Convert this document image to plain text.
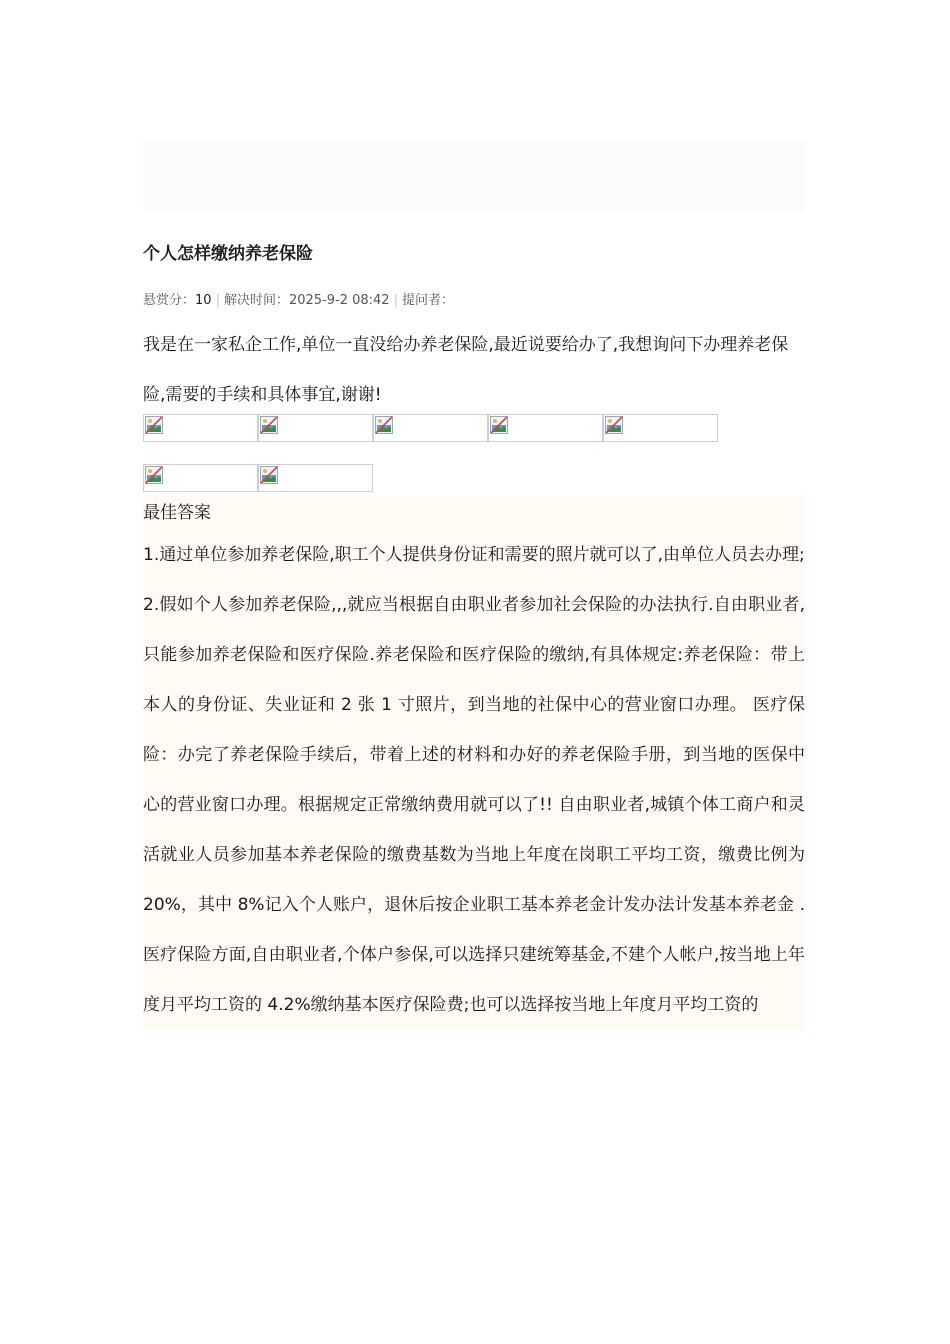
个人怎样缴纳养老保险
悬赏分：10 | 解决时间：2025-9-2 08:42 | 提问者：
我是在一家私企工作,单位一直没给办养老保险,最近说要给办了,我想询问下办理养老保险,需要的手续和具体事宜,谢谢!
最佳答案

1.通过单位参加养老保险,职工个人提供身份证和需要的照片就可以了,由单位人员去办理;

2.假如个人参加养老保险,,,就应当根据自由职业者参加社会保险的办法执行.自由职业者,只能参加养老保险和医疗保险.养老保险和医疗保险的缴纳,有具体规定:养老保险：带上本人的身份证、失业证和 2 张 1 寸照片，到当地的社保中心的营业窗口办理。 医疗保险：办完了养老保险手续后，带着上述的材料和办好的养老保险手册，到当地的医保中心的营业窗口办理。根据规定正常缴纳费用就可以了!! 自由职业者,城镇个体工商户和灵活就业人员参加基本养老保险的缴费基数为当地上年度在岗职工平均工资，缴费比例为 20%，其中 8%记入个人账户，退休后按企业职工基本养老金计发办法计发基本养老金 . 医疗保险方面,自由职业者,个体户参保,可以选择只建统筹基金,不建个人帐户,按当地上年度月平均工资的 4.2%缴纳基本医疗保险费;也可以选择按当地上年度月平均工资的
